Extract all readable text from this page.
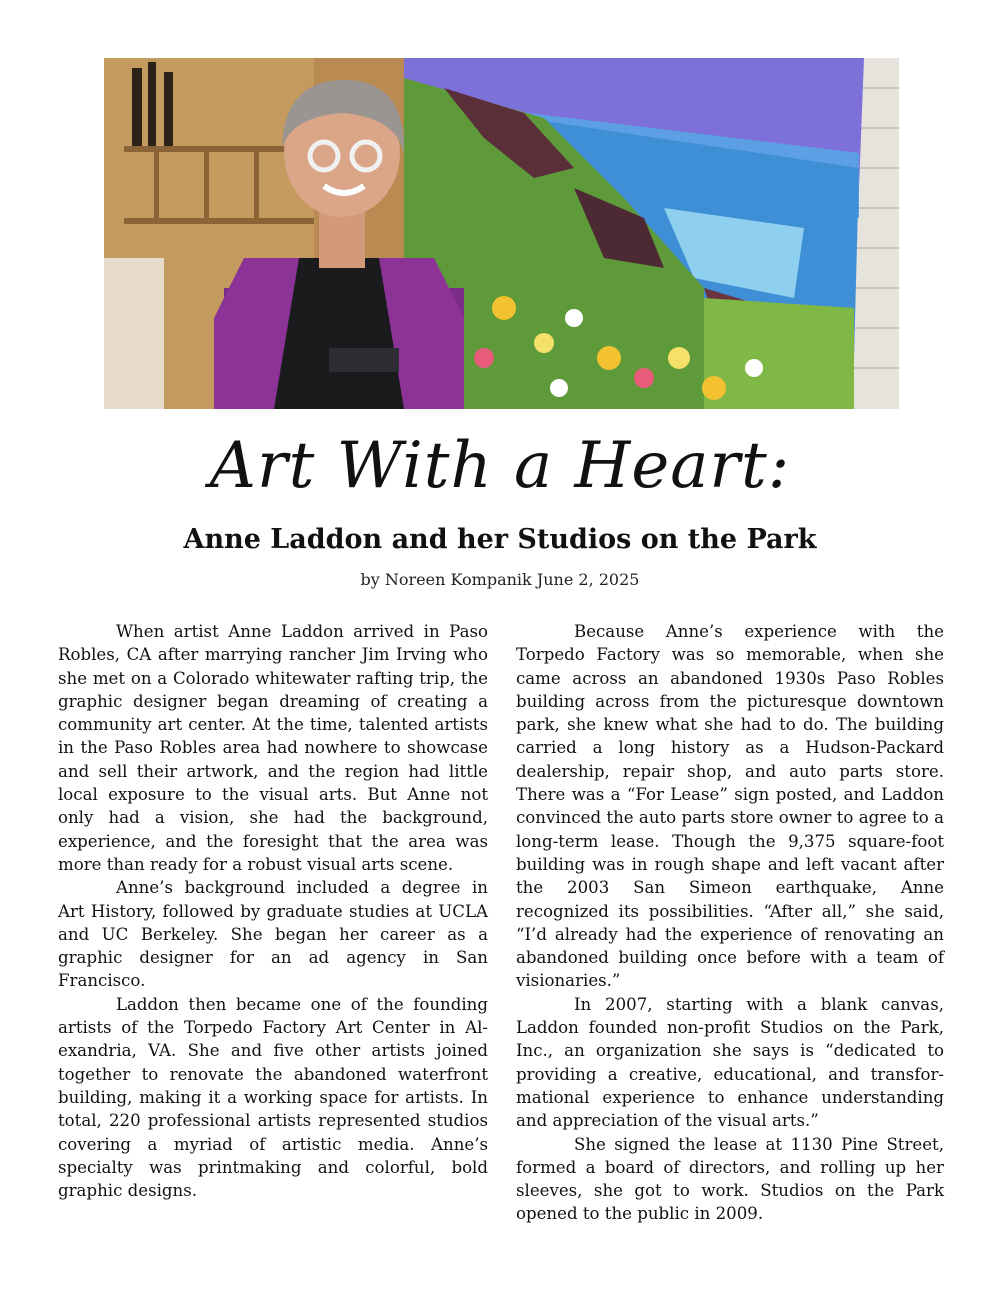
Art With a Heart:
Anne Laddon and her Studios on the Park
by Noreen Kompanik June 2, 2025

When artist Anne Laddon arrived in Paso Robles, CA after marrying rancher Jim Irving who she met on a Colorado whitewater rafting trip, the graphic designer began dreaming of creating a community art center. At the time, talented artists in the Paso Robles area had nowhere to showcase and sell their artwork, and the region had little local exposure to the visual arts. But Anne not only had a vision, she had the background, experience, and the foresight that the area was more than ready for a robust visual arts scene.

Anne’s background included a degree in Art History, followed by graduate studies at UCLA and UC Berkeley. She began her career as a graphic designer for an ad agency in San Francisco.

Laddon then became one of the founding artists of the Torpedo Factory Art Center in Alexandria, VA. She and five other artists joined together to renovate the abandoned waterfront building, making it a working space for artists. In total, 220 professional artists represented studios covering a myriad of artistic media. Anne’s specialty was printmaking and colorful, bold graphic designs.

Because Anne’s experience with the Torpedo Factory was so memorable, when she came across an abandoned 1930s Paso Robles building across from the picturesque downtown park, she knew what she had to do. The building carried a long history as a Hudson-Packard dealership, repair shop, and auto parts store. There was a “For Lease” sign posted, and Laddon convinced the auto parts store owner to agree to a long-term lease. Though the 9,375 square-foot building was in rough shape and left vacant after the 2003 San Simeon earthquake, Anne recognized its possibilities. “After all,” she said, “I’d already had the experience of renovating an abandoned building once before with a team of visionaries.”

In 2007, starting with a blank canvas, Laddon founded non-profit Studios on the Park, Inc., an organization she says is “dedicated to providing a creative, educational, and transformational experience to enhance understanding and appreciation of the visual arts.”

She signed the lease at 1130 Pine Street, formed a board of directors, and rolling up her sleeves, she got to work. Studios on the Park opened to the public in 2009.
